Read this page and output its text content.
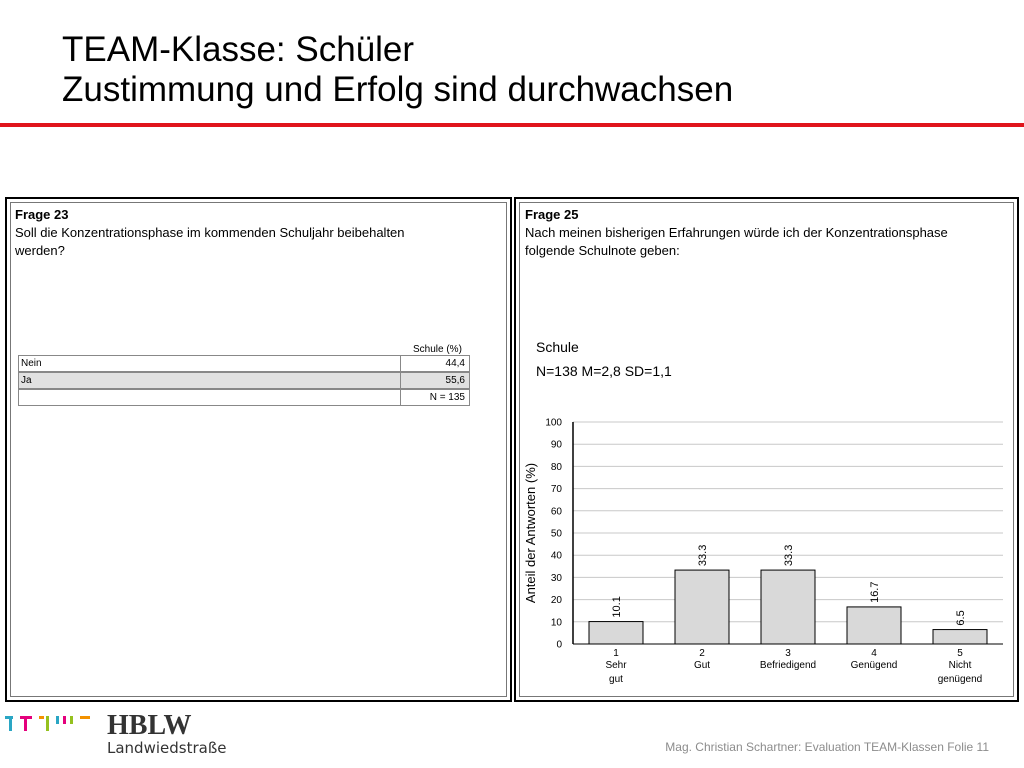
TEAM-Klasse: Schüler
Zustimmung und Erfolg sind durchwachsen
Frage 23
Soll die Konzentrationsphase im kommenden Schuljahr beibehalten
werden?
Schule (%)
Nein	44,4
Ja	55,6
N = 135
Frage 25
Nach meinen bisherigen Erfahrungen würde ich der Konzentrationsphase
folgende Schulnote geben:
Schule
N=138 M=2,8 SD=1,1
0
10
20
30
40
50
60
70
80
90
100
Anteil der Antworten (%)
10.1
1
Sehr
gut
33.3
2
Gut
33.3
3
Befriedigend
16.7
4
Genügend
6.5
5
Nicht
genügend
HBLW
Landwiedstraße	Mag. Christian Schartner: Evaluation TEAM-Klassen Folie 11
